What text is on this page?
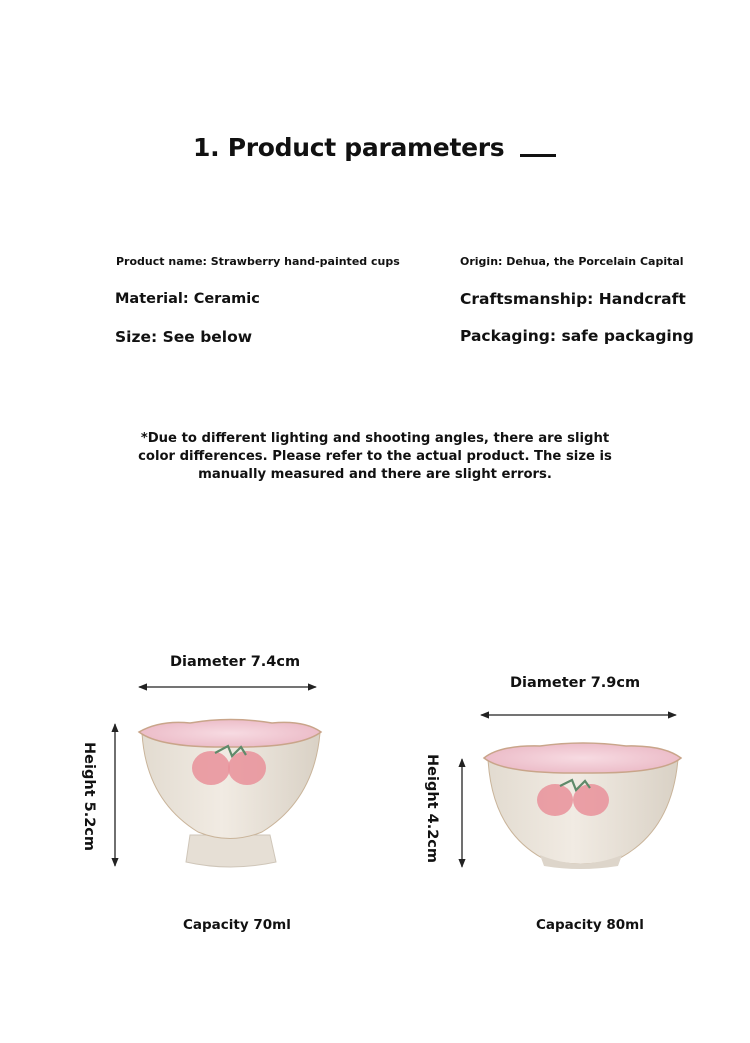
1. Product parameters
Product name: Strawberry hand-painted cups	Origin: Dehua, the Porcelain Capital
Material: Ceramic	Craftsmanship: Handcraft
Size: See below	Packaging: safe packaging
*Due to different lighting and shooting angles, there are slight
color differences. Please refer to the actual product. The size is
manually measured and there are slight errors.
Diameter 7.4cm
Diameter 7.9cm
Height 5.2cm	Height 4.2cm
Capacity 70ml	Capacity 80ml
